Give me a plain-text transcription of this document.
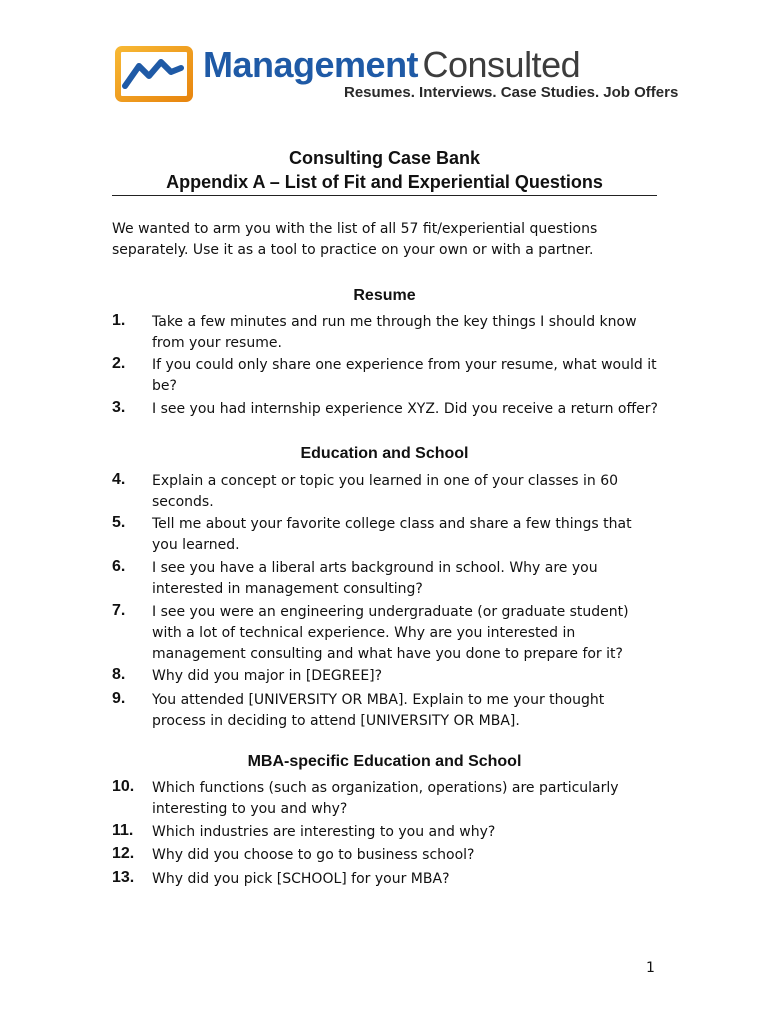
Management Consulted
Resumes. Interviews. Case Studies. Job Offers
Consulting Case Bank
Appendix A – List of Fit and Experiential Questions
We wanted to arm you with the list of all 57 fit/experiential questions separately. Use it as a tool to practice on your own or with a partner.
Resume
1. Take a few minutes and run me through the key things I should know from your resume.
2. If you could only share one experience from your resume, what would it be?
3. I see you had internship experience XYZ. Did you receive a return offer?
Education and School
4. Explain a concept or topic you learned in one of your classes in 60 seconds.
5. Tell me about your favorite college class and share a few things that you learned.
6. I see you have a liberal arts background in school. Why are you interested in management consulting?
7. I see you were an engineering undergraduate (or graduate student) with a lot of technical experience. Why are you interested in management consulting and what have you done to prepare for it?
8. Why did you major in [DEGREE]?
9. You attended [UNIVERSITY OR MBA]. Explain to me your thought process in deciding to attend [UNIVERSITY OR MBA].
MBA-specific Education and School
10. Which functions (such as organization, operations) are particularly interesting to you and why?
11. Which industries are interesting to you and why?
12. Why did you choose to go to business school?
13. Why did you pick [SCHOOL] for your MBA?
1
